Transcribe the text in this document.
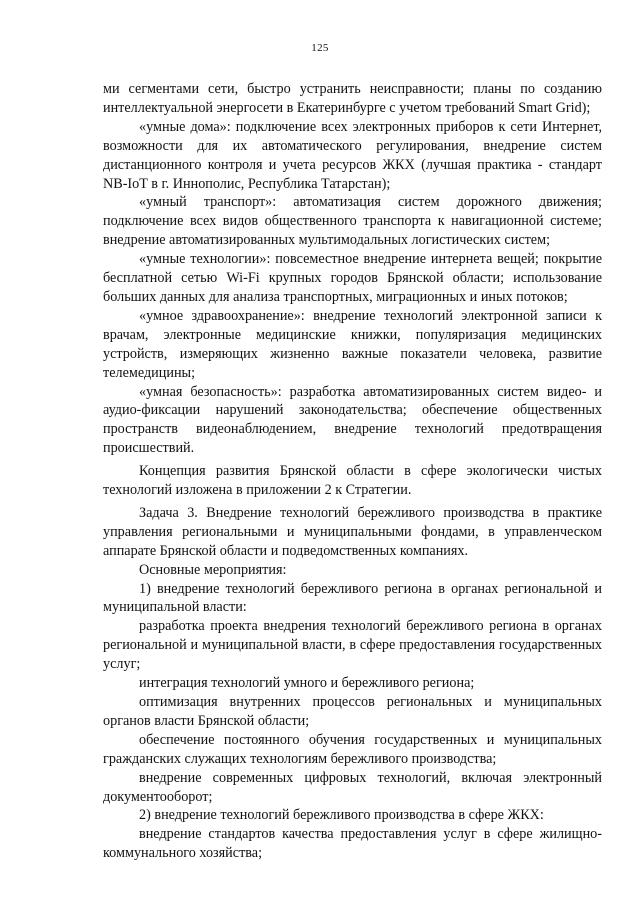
125

ми сегментами сети, быстро устранить неисправности; планы по созданию интеллектуальной энергосети в Екатеринбурге с учетом требований Smart Grid);

«умные дома»: подключение всех электронных приборов к сети Интернет, возможности для их автоматического регулирования, внедрение систем дистанционного контроля и учета ресурсов ЖКХ (лучшая практика - стандарт NB-IoT в г. Иннополис, Республика Татарстан);

«умный транспорт»: автоматизация систем дорожного движения; подключение всех видов общественного транспорта к навигационной системе; внедрение автоматизированных мультимодальных логистических систем;

«умные технологии»: повсеместное внедрение интернета вещей; покрытие бесплатной сетью Wi-Fi крупных городов Брянской области; использование больших данных для анализа транспортных, миграционных и иных потоков;

«умное здравоохранение»: внедрение технологий электронной записи к врачам, электронные медицинские книжки, популяризация медицинских устройств, измеряющих жизненно важные показатели человека, развитие телемедицины;

«умная безопасность»: разработка автоматизированных систем видео- и аудио-фиксации нарушений законодательства; обеспечение общественных пространств видеонаблюдением, внедрение технологий предотвращения происшествий.

Концепция развития Брянской области в сфере экологически чистых технологий изложена в приложении 2 к Стратегии.

Задача 3. Внедрение технологий бережливого производства в практике управления региональными и муниципальными фондами, в управленческом аппарате Брянской области и подведомственных компаниях.

Основные мероприятия:

1) внедрение технологий бережливого региона в органах региональной и муниципальной власти:

разработка проекта внедрения технологий бережливого региона в органах региональной и муниципальной власти, в сфере предоставления государственных услуг;

интеграция технологий умного и бережливого региона;

оптимизация внутренних процессов региональных и муниципальных органов власти Брянской области;

обеспечение постоянного обучения государственных и муниципальных гражданских служащих технологиям бережливого производства;

внедрение современных цифровых технологий, включая электронный документооборот;

2) внедрение технологий бережливого производства в сфере ЖКХ:

внедрение стандартов качества предоставления услуг в сфере жилищно-коммунального хозяйства;
